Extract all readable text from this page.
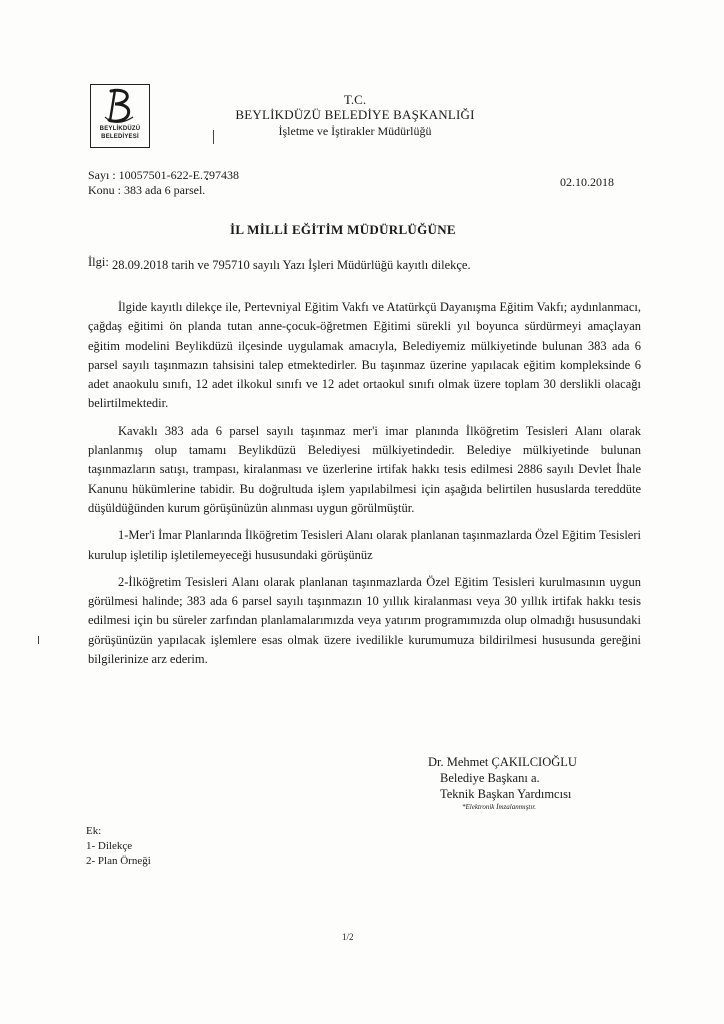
BEYLİKDÜZÜ
BELEDİYESİ
T.C.
BEYLİKDÜZÜ BELEDİYE BAŞKANLIĞI
İşletme ve İştirakler Müdürlüğü
Sayı : 10057501-622-E.797438
Konu : 383 ada 6 parsel.
02.10.2018
İL MİLLİ EĞİTİM MÜDÜRLÜĞÜNE
İlgi: 28.09.2018 tarih ve 795710 sayılı Yazı İşleri Müdürlüğü kayıtlı dilekçe.

İlgide kayıtlı dilekçe ile, Pertevniyal Eğitim Vakfı ve Atatürkçü Dayanışma Eğitim Vakfı; aydınlanmacı, çağdaş eğitimi ön planda tutan anne-çocuk-öğretmen Eğitimi sürekli yıl boyunca sürdürmeyi amaçlayan eğitim modelini Beylikdüzü ilçesinde uygulamak amacıyla, Belediyemiz mülkiyetinde bulunan 383 ada 6 parsel sayılı taşınmazın tahsisini talep etmektedirler. Bu taşınmaz üzerine yapılacak eğitim kompleksinde 6 adet anaokulu sınıfı, 12 adet ilkokul sınıfı ve 12 adet ortaokul sınıfı olmak üzere toplam 30 derslikli olacağı belirtilmektedir.

Kavaklı 383 ada 6 parsel sayılı taşınmaz mer'i imar planında İlköğretim Tesisleri Alanı olarak planlanmış olup tamamı Beylikdüzü Belediyesi mülkiyetindedir. Belediye mülkiyetinde bulunan taşınmazların satışı, trampası, kiralanması ve üzerlerine irtifak hakkı tesis edilmesi 2886 sayılı Devlet İhale Kanunu hükümlerine tabidir. Bu doğrultuda işlem yapılabilmesi için aşağıda belirtilen hususlarda tereddüte düşüldüğünden kurum görüşünüzün alınması uygun görülmüştür.

1-Mer'i İmar Planlarında İlköğretim Tesisleri Alanı olarak planlanan taşınmazlarda Özel Eğitim Tesisleri kurulup işletilip işletilemeyeceği hususundaki görüşünüz

2-İlköğretim Tesisleri Alanı olarak planlanan taşınmazlarda Özel Eğitim Tesisleri kurulmasının uygun görülmesi halinde; 383 ada 6 parsel sayılı taşınmazın 10 yıllık kiralanması veya 30 yıllık irtifak hakkı tesis edilmesi için bu süreler zarfından planlamalarımızda veya yatırım programımızda olup olmadığı hususundaki görüşünüzün yapılacak işlemlere esas olmak üzere ivedilikle kurumumuza bildirilmesi hususunda gereğini bilgilerinize arz ederim.

Dr. Mehmet ÇAKILCIOĞLU
Belediye Başkanı a.
Teknik Başkan Yardımcısı
*Elektronik İmzalanmıştır.
Ek:
1- Dilekçe
2- Plan Örneği
1/2
